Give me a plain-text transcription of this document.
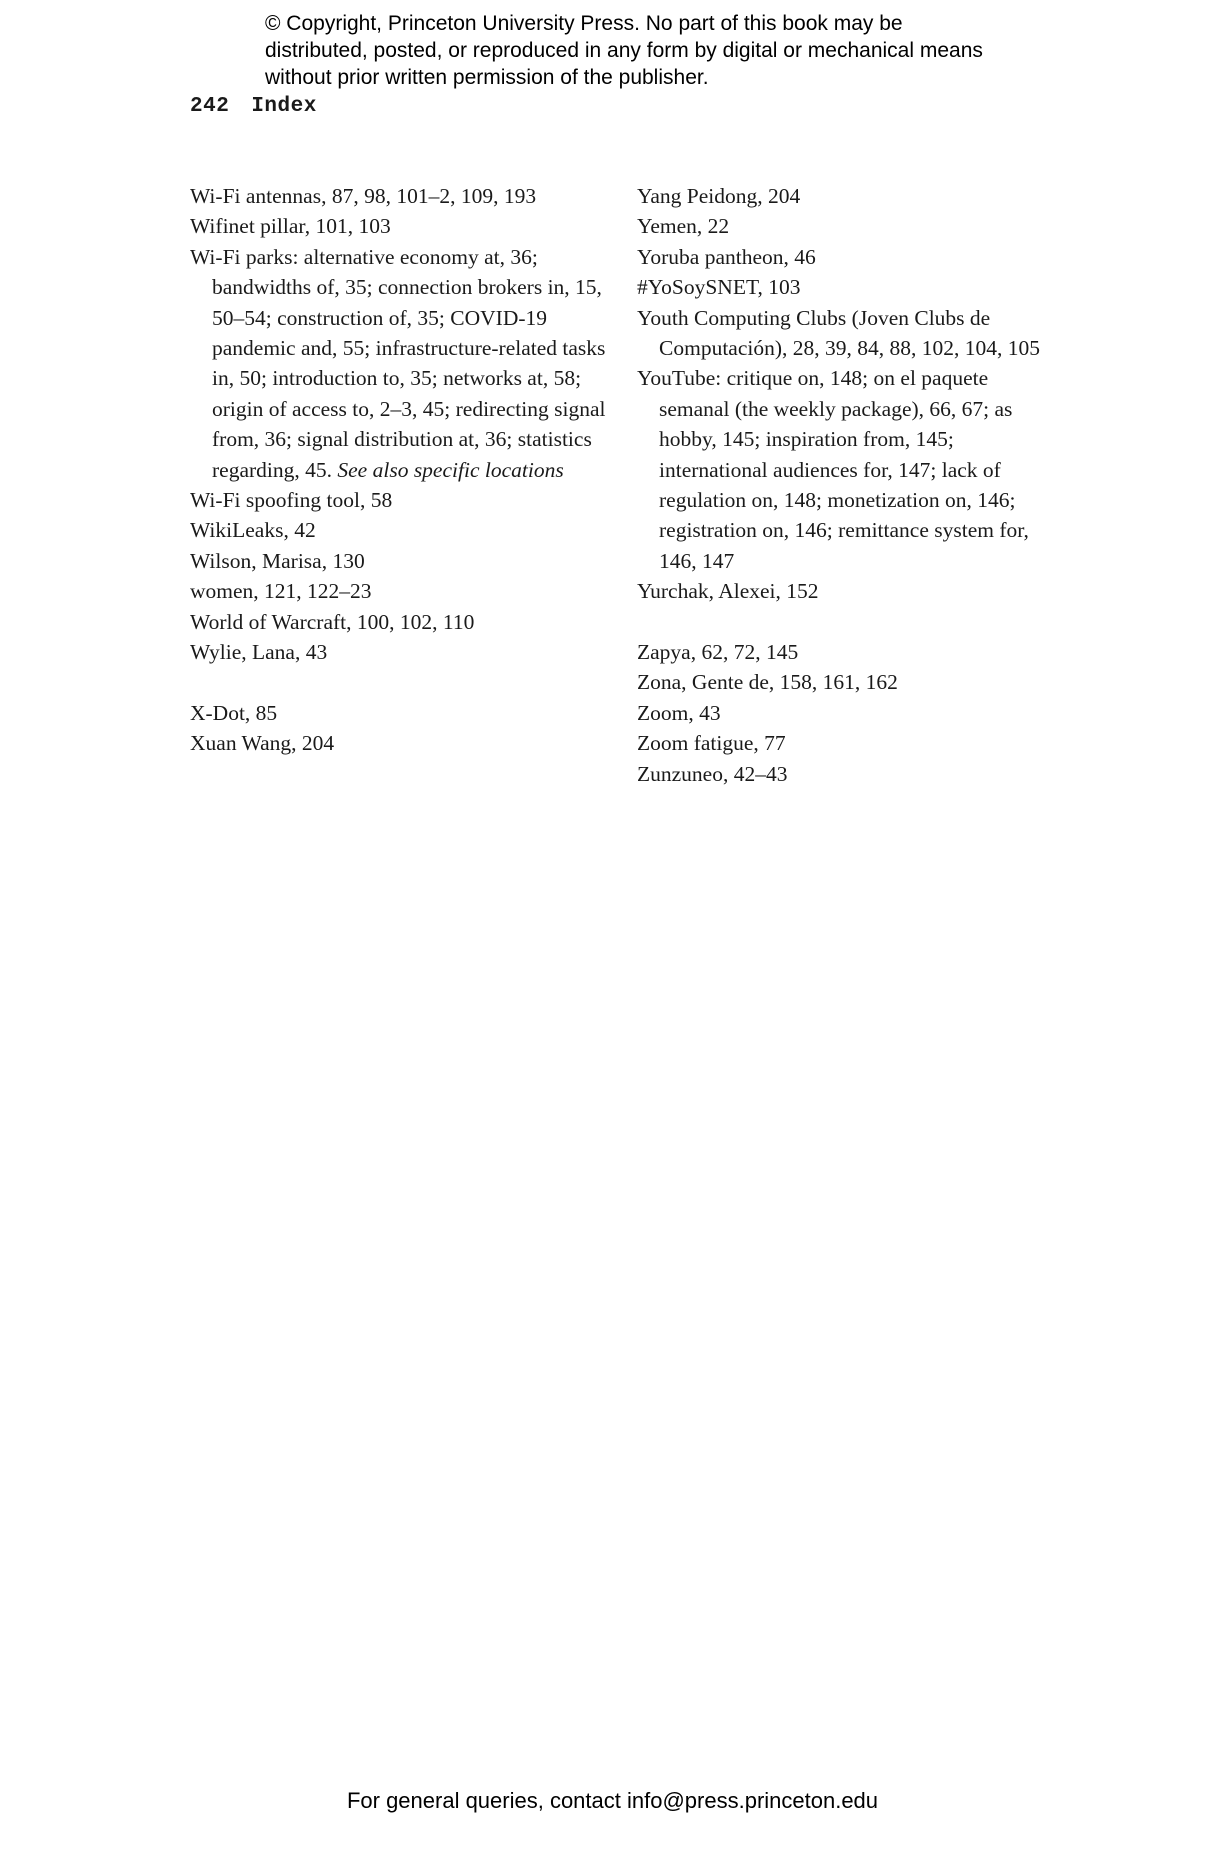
© Copyright, Princeton University Press. No part of this book may be distributed, posted, or reproduced in any form by digital or mechanical means without prior written permission of the publisher.
242 Index
Wi-Fi antennas, 87, 98, 101–2, 109, 193
Wifinet pillar, 101, 103
Wi-Fi parks: alternative economy at, 36; bandwidths of, 35; connection brokers in, 15, 50–54; construction of, 35; COVID-19 pandemic and, 55; infrastructure-related tasks in, 50; introduction to, 35; networks at, 58; origin of access to, 2–3, 45; redirecting signal from, 36; signal distribution at, 36; statistics regarding, 45. See also specific locations
Wi-Fi spoofing tool, 58
WikiLeaks, 42
Wilson, Marisa, 130
women, 121, 122–23
World of Warcraft, 100, 102, 110
Wylie, Lana, 43
X-Dot, 85
Xuan Wang, 204
Yang Peidong, 204
Yemen, 22
Yoruba pantheon, 46
#YoSoySNET, 103
Youth Computing Clubs (Joven Clubs de Computación), 28, 39, 84, 88, 102, 104, 105
YouTube: critique on, 148; on el paquete semanal (the weekly package), 66, 67; as hobby, 145; inspiration from, 145; international audiences for, 147; lack of regulation on, 148; monetization on, 146; registration on, 146; remittance system for, 146, 147
Yurchak, Alexei, 152
Zapya, 62, 72, 145
Zona, Gente de, 158, 161, 162
Zoom, 43
Zoom fatigue, 77
Zunzuneo, 42–43
For general queries, contact info@press.princeton.edu
